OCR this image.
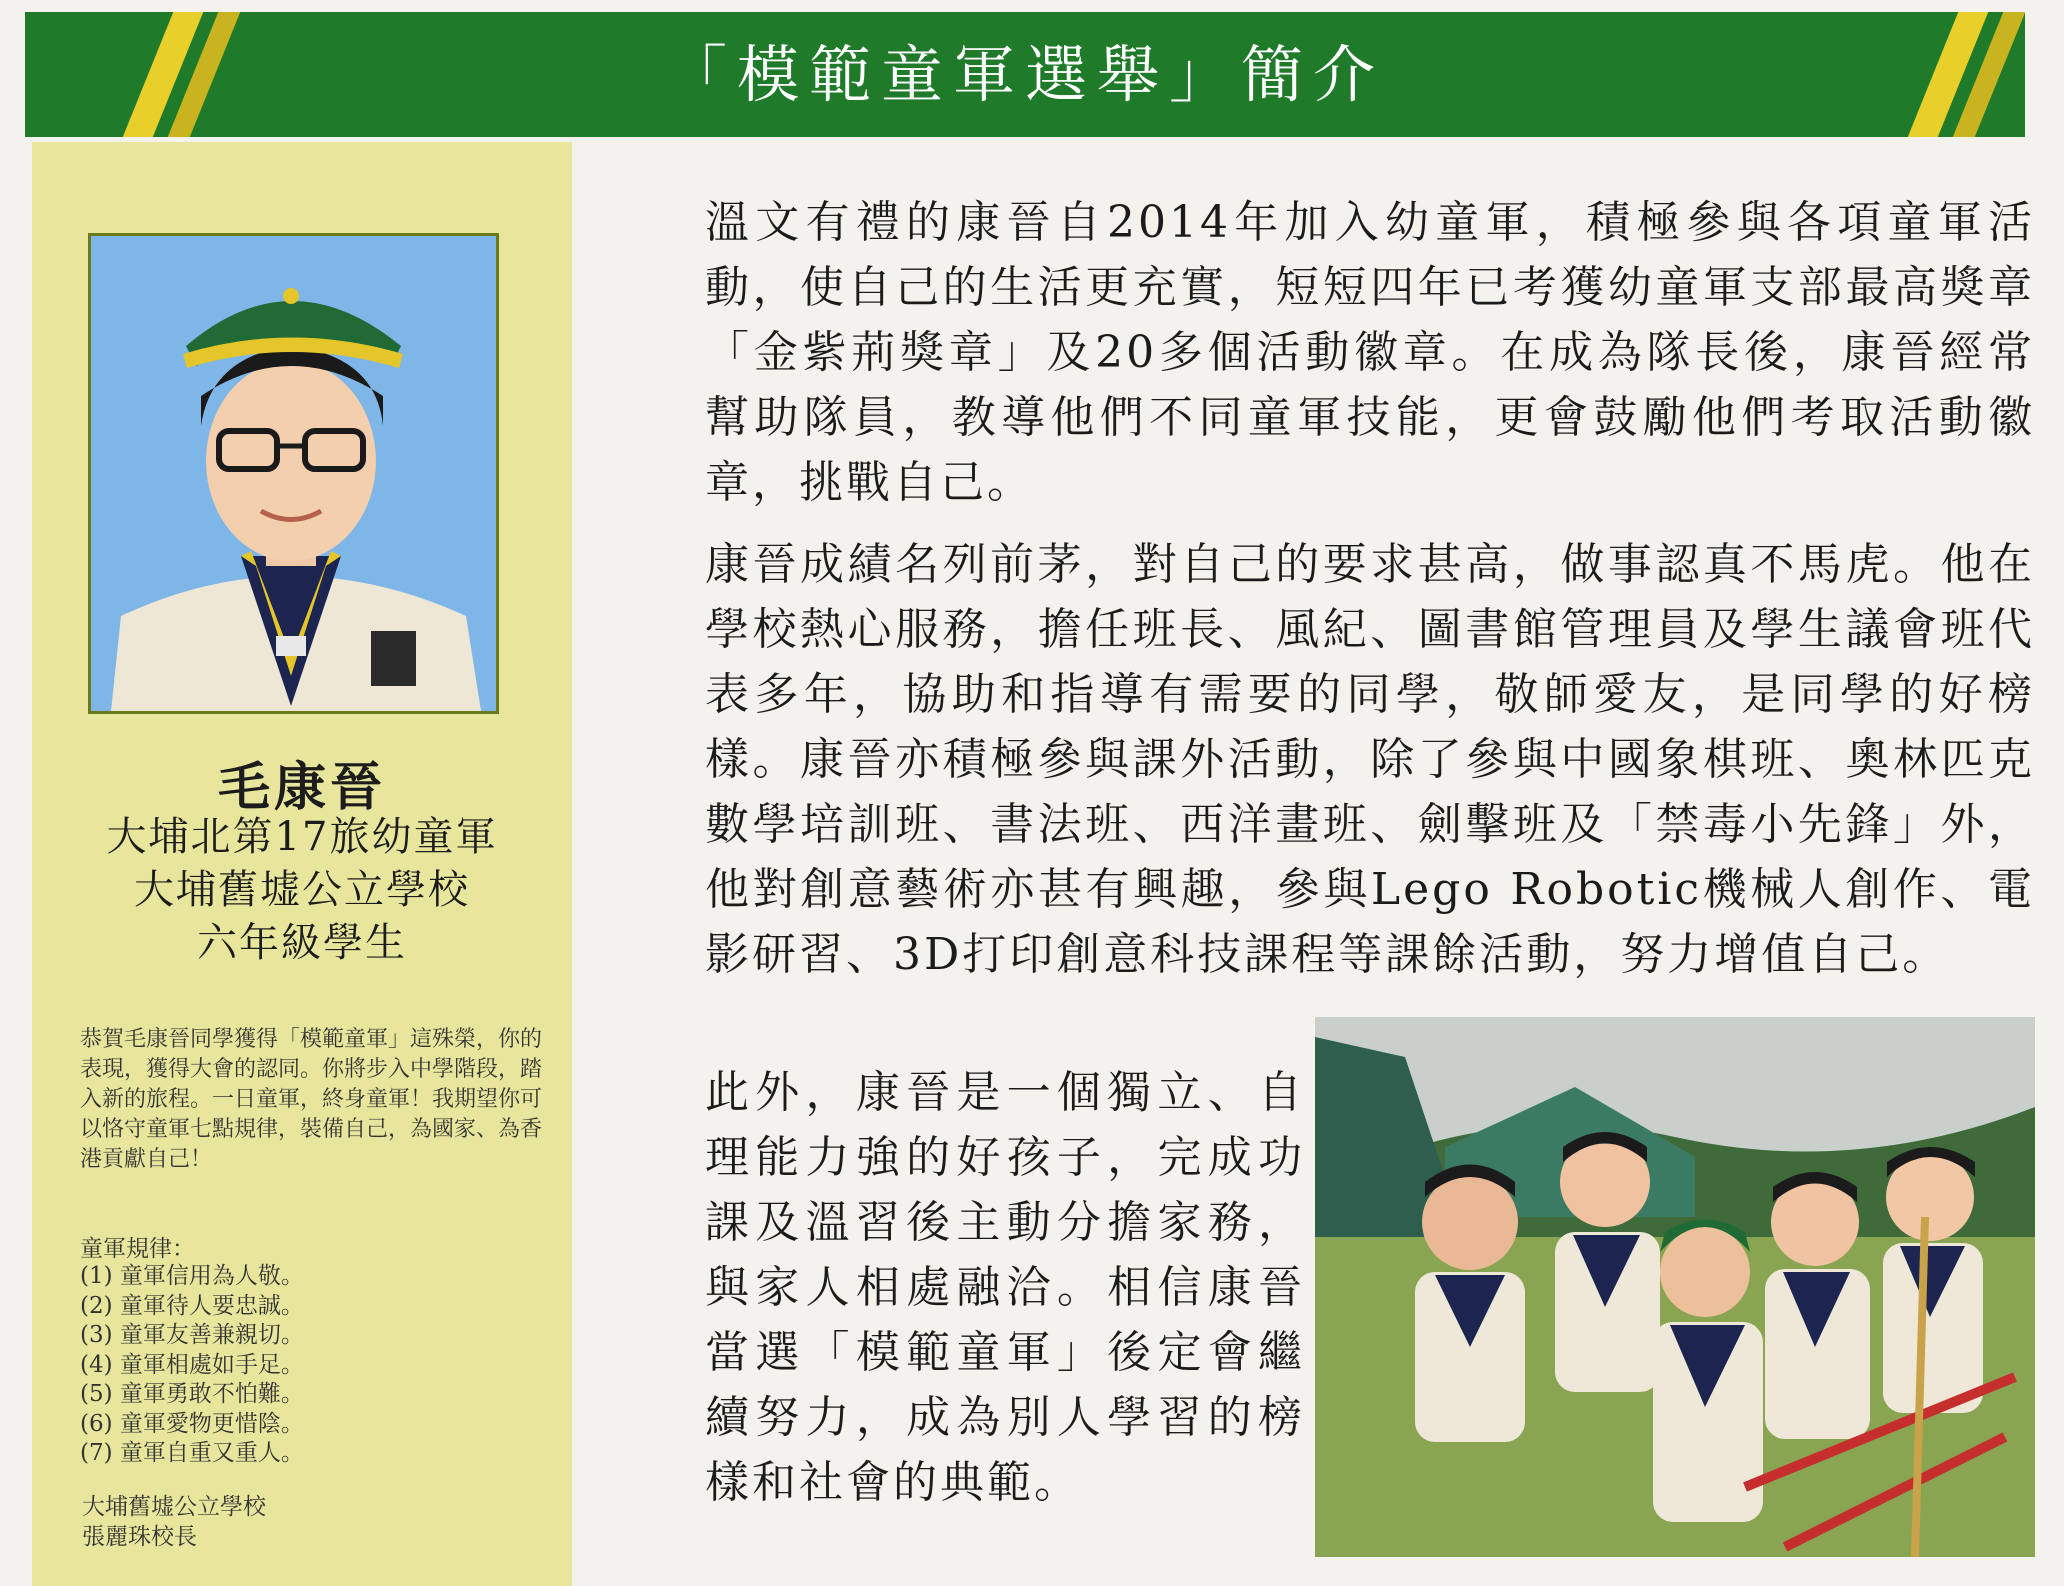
「模範童軍選舉」簡介
毛康晉
大埔北第17旅幼童軍
大埔舊墟公立學校
六年級學生
恭賀毛康晉同學獲得「模範童軍」這殊榮，你的表現，獲得大會的認同。你將步入中學階段，踏入新的旅程。一日童軍，終身童軍！我期望你可以恪守童軍七點規律，裝備自己，為國家、為香港貢獻自己！
童軍規律：
(1) 童軍信用為人敬。
(2) 童軍待人要忠誠。
(3) 童軍友善兼親切。
(4) 童軍相處如手足。
(5) 童軍勇敢不怕難。
(6) 童軍愛物更惜陰。
(7) 童軍自重又重人。
大埔舊墟公立學校
張麗珠校長
溫文有禮的康晉自2014年加入幼童軍，積極參與各項童軍活動，使自己的生活更充實，短短四年已考獲幼童軍支部最高獎章「金紫荊獎章」及20多個活動徽章。在成為隊長後，康晉經常幫助隊員，教導他們不同童軍技能，更會鼓勵他們考取活動徽章，挑戰自己。
康晉成績名列前茅，對自己的要求甚高，做事認真不馬虎。他在學校熱心服務，擔任班長、風紀、圖書館管理員及學生議會班代表多年，協助和指導有需要的同學，敬師愛友，是同學的好榜樣。康晉亦積極參與課外活動，除了參與中國象棋班、奧林匹克數學培訓班、書法班、西洋畫班、劍擊班及「禁毒小先鋒」外，他對創意藝術亦甚有興趣，參與Lego Robotic機械人創作、電影研習、3D打印創意科技課程等課餘活動，努力增值自己。
此外，康晉是一個獨立、自理能力強的好孩子，完成功課及溫習後主動分擔家務，與家人相處融洽。相信康晉當選「模範童軍」後定會繼續努力，成為別人學習的榜樣和社會的典範。
